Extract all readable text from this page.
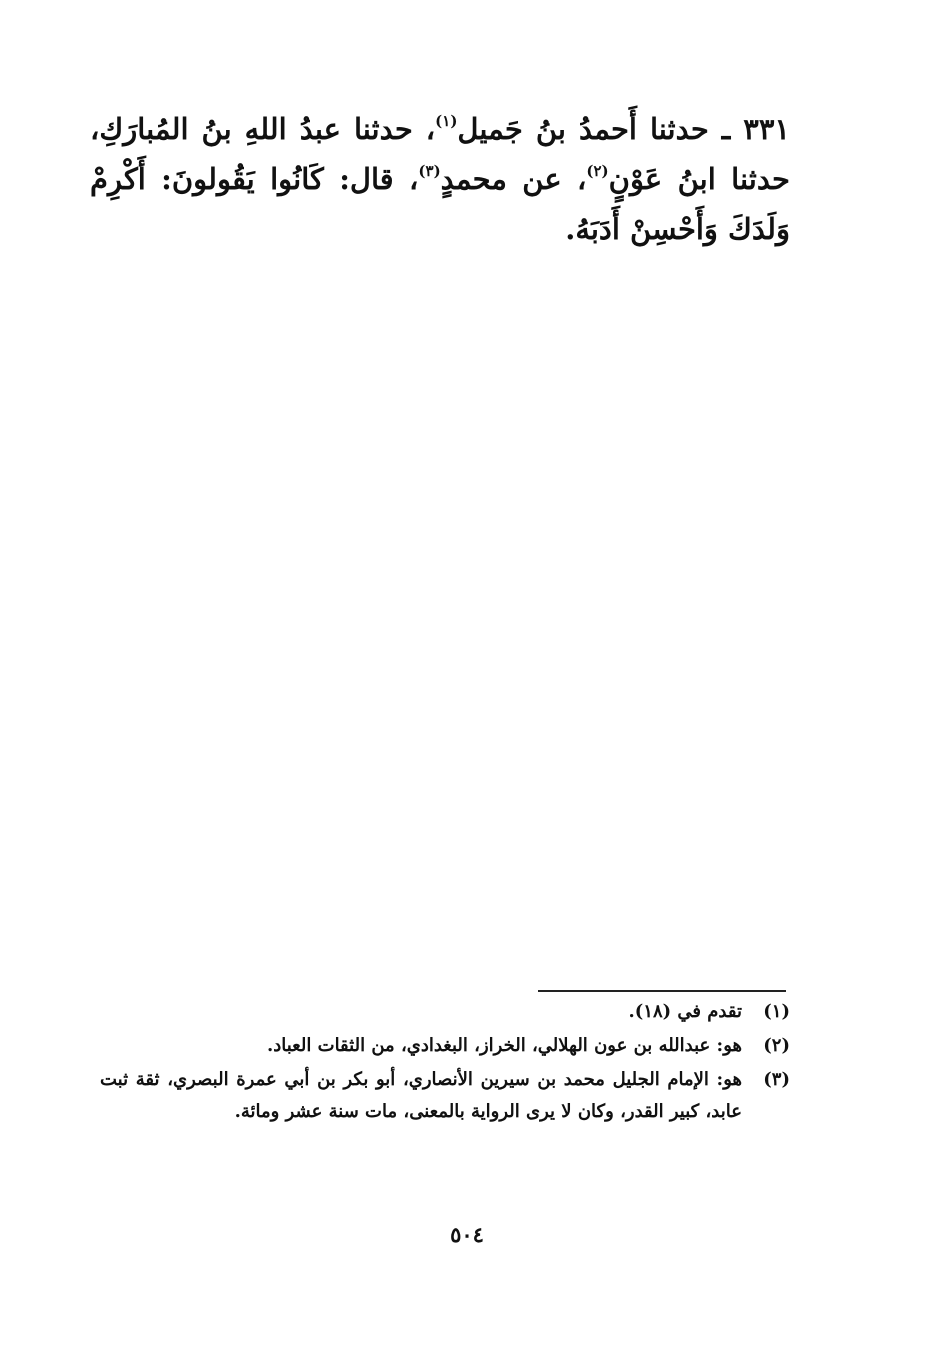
٣٣١ ـ حدثنا أَحمدُ بنُ جَميل$^{(١)}$، حدثنا عبدُ اللهِ بنُ المُبارَكِ، حدثنا ابنُ عَوْنٍ$^{(٢)}$، عن محمدٍ$^{(٣)}$، قال: كَانُوا يَقُولونَ: أَكْرِمْ وَلَدَكَ وَأَحْسِنْ أَدَبَهُ.

(١)
تقدم في (١٨).
(٢)
هو: عبدالله بن عون الهلالي، الخراز، البغدادي، من الثقات العباد.
(٣)
هو: الإمام الجليل محمد بن سيرين الأنصاري، أبو بكر بن أبي عمرة البصري، ثقة ثبت عابد، كبير القدر، وكان لا يرى الرواية بالمعنى، مات سنة عشر ومائة.
٥٠٤
